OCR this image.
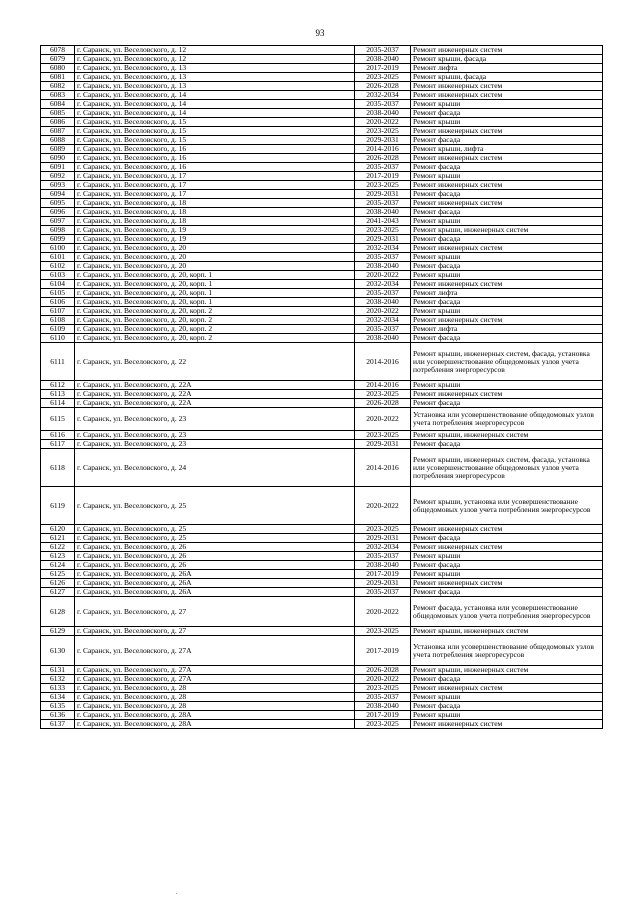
93
6078	г. Саранск, ул. Веселовского, д. 12	2035-2037	Ремонт инженерных систем
6079	г. Саранск, ул. Веселовского, д. 12	2038-2040	Ремонт крыши, фасада
6080	г. Саранск, ул. Веселовского, д. 13	2017-2019	Ремонт лифта
6081	г. Саранск, ул. Веселовского, д. 13	2023-2025	Ремонт крыши, фасада
6082	г. Саранск, ул. Веселовского, д. 13	2026-2028	Ремонт инженерных систем
6083	г. Саранск, ул. Веселовского, д. 14	2032-2034	Ремонт инженерных систем
6084	г. Саранск, ул. Веселовского, д. 14	2035-2037	Ремонт крыши
6085	г. Саранск, ул. Веселовского, д. 14	2038-2040	Ремонт фасада
6086	г. Саранск, ул. Веселовского, д. 15	2020-2022	Ремонт крыши
6087	г. Саранск, ул. Веселовского, д. 15	2023-2025	Ремонт инженерных систем
6088	г. Саранск, ул. Веселовского, д. 15	2029-2031	Ремонт фасада
6089	г. Саранск, ул. Веселовского, д. 16	2014-2016	Ремонт крыши, лифта
6090	г. Саранск, ул. Веселовского, д. 16	2026-2028	Ремонт инженерных систем
6091	г. Саранск, ул. Веселовского, д. 16	2035-2037	Ремонт фасада
6092	г. Саранск, ул. Веселовского, д. 17	2017-2019	Ремонт крыши
6093	г. Саранск, ул. Веселовского, д. 17	2023-2025	Ремонт инженерных систем
6094	г. Саранск, ул. Веселовского, д. 17	2029-2031	Ремонт фасада
6095	г. Саранск, ул. Веселовского, д. 18	2035-2037	Ремонт инженерных систем
6096	г. Саранск, ул. Веселовского, д. 18	2038-2040	Ремонт фасада
6097	г. Саранск, ул. Веселовского, д. 18	2041-2043	Ремонт крыши
6098	г. Саранск, ул. Веселовского, д. 19	2023-2025	Ремонт крыши, инженерных систем
6099	г. Саранск, ул. Веселовского, д. 19	2029-2031	Ремонт фасада
6100	г. Саранск, ул. Веселовского, д. 20	2032-2034	Ремонт инженерных систем
6101	г. Саранск, ул. Веселовского, д. 20	2035-2037	Ремонт крыши
6102	г. Саранск, ул. Веселовского, д. 20	2038-2040	Ремонт фасада
6103	г. Саранск, ул. Веселовского, д. 20, корп. 1	2020-2022	Ремонт крыши
6104	г. Саранск, ул. Веселовского, д. 20, корп. 1	2032-2034	Ремонт инженерных систем
6105	г. Саранск, ул. Веселовского, д. 20, корп. 1	2035-2037	Ремонт лифта
6106	г. Саранск, ул. Веселовского, д. 20, корп. 1	2038-2040	Ремонт фасада
6107	г. Саранск, ул. Веселовского, д. 20, корп. 2	2020-2022	Ремонт крыши
6108	г. Саранск, ул. Веселовского, д. 20, корп. 2	2032-2034	Ремонт инженерных систем
6109	г. Саранск, ул. Веселовского, д. 20, корп. 2	2035-2037	Ремонт лифта
6110	г. Саранск, ул. Веселовского, д. 20, корп. 2	2038-2040	Ремонт фасада
6111	г. Саранск, ул. Веселовского, д. 22	2014-2016	Ремонт крыши, инженерных систем, фасада, установка или усовершенствование общедомовых узлов учета потребления энергоресурсов
6112	г. Саранск, ул. Веселовского, д. 22А	2014-2016	Ремонт крыши
6113	г. Саранск, ул. Веселовского, д. 22А	2023-2025	Ремонт инженерных систем
6114	г. Саранск, ул. Веселовского, д. 22А	2026-2028	Ремонт фасада
6115	г. Саранск, ул. Веселовского, д. 23	2020-2022	Установка или усовершенствование общедомовых узлов учета потребления энергоресурсов
6116	г. Саранск, ул. Веселовского, д. 23	2023-2025	Ремонт крыши, инженерных систем
6117	г. Саранск, ул. Веселовского, д. 23	2029-2031	Ремонт фасада
6118	г. Саранск, ул. Веселовского, д. 24	2014-2016	Ремонт крыши, инженерных систем, фасада, установка или усовершенствование общедомовых узлов учета потребления энергоресурсов
6119	г. Саранск, ул. Веселовского, д. 25	2020-2022	Ремонт крыши, установка или усовершенствование общедомовых узлов учета потребления энергоресурсов
6120	г. Саранск, ул. Веселовского, д. 25	2023-2025	Ремонт инженерных систем
6121	г. Саранск, ул. Веселовского, д. 25	2029-2031	Ремонт фасада
6122	г. Саранск, ул. Веселовского, д. 26	2032-2034	Ремонт инженерных систем
6123	г. Саранск, ул. Веселовского, д. 26	2035-2037	Ремонт крыши
6124	г. Саранск, ул. Веселовского, д. 26	2038-2040	Ремонт фасада
6125	г. Саранск, ул. Веселовского, д. 26А	2017-2019	Ремонт крыши
6126	г. Саранск, ул. Веселовского, д. 26А	2029-2031	Ремонт инженерных систем
6127	г. Саранск, ул. Веселовского, д. 26А	2035-2037	Ремонт фасада
6128	г. Саранск, ул. Веселовского, д. 27	2020-2022	Ремонт фасада, установка или усовершенствование общедомовых узлов учета потребления энергоресурсов
6129	г. Саранск, ул. Веселовского, д. 27	2023-2025	Ремонт крыши, инженерных систем
6130	г. Саранск, ул. Веселовского, д. 27А	2017-2019	Установка или усовершенствование общедомовых узлов учета потребления энергоресурсов
6131	г. Саранск, ул. Веселовского, д. 27А	2026-2028	Ремонт крыши, инженерных систем
6132	г. Саранск, ул. Веселовского, д. 27А	2020-2022	Ремонт фасада
6133	г. Саранск, ул. Веселовского, д. 28	2023-2025	Ремонт инженерных систем
6134	г. Саранск, ул. Веселовского, д. 28	2035-2037	Ремонт крыши
6135	г. Саранск, ул. Веселовского, д. 28	2038-2040	Ремонт фасада
6136	г. Саранск, ул. Веселовского, д. 28А	2017-2019	Ремонт крыши
6137	г. Саранск, ул. Веселовского, д. 28А	2023-2025	Ремонт инженерных систем
.
